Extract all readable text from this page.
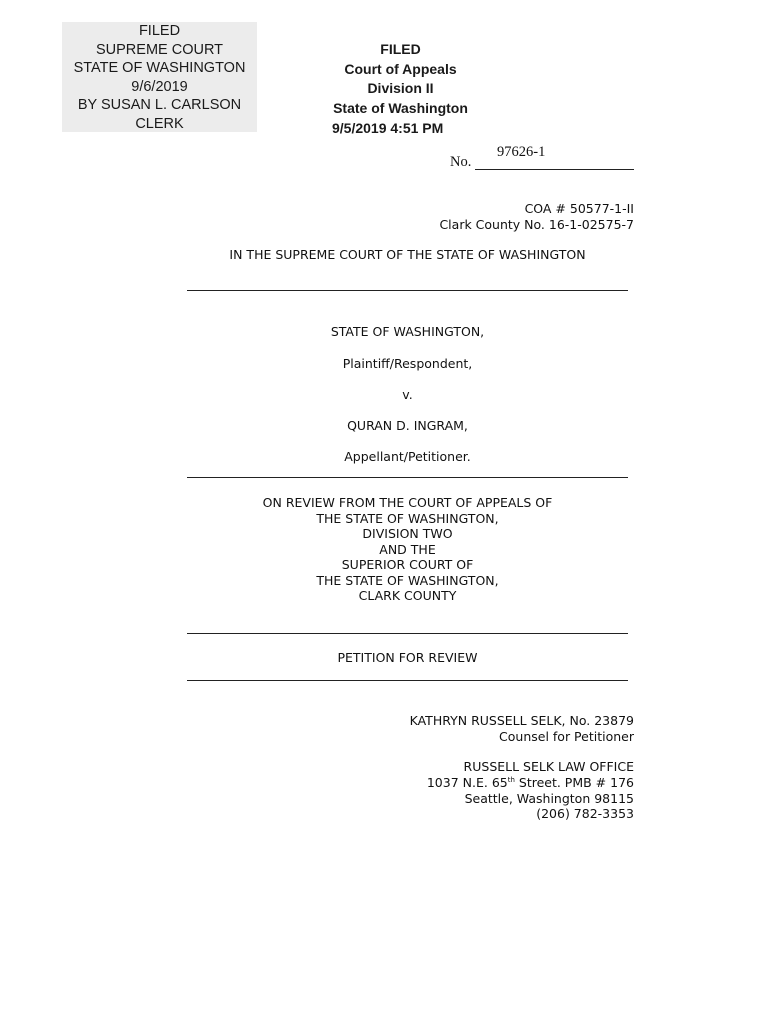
FILED
SUPREME COURT
STATE OF WASHINGTON
9/6/2019
BY SUSAN L. CARLSON
CLERK
FILED
Court of Appeals
Division II
State of Washington
9/5/2019 4:51 PM
No.
97626-1
COA # 50577-1-II
Clark County No. 16-1-02575-7
IN THE SUPREME COURT OF THE STATE OF WASHINGTON
STATE OF WASHINGTON,
Plaintiff/Respondent,
v.
QURAN D. INGRAM,
Appellant/Petitioner.
ON REVIEW FROM THE COURT OF APPEALS OF
THE STATE OF WASHINGTON,
DIVISION TWO
AND THE
SUPERIOR COURT OF
THE STATE OF WASHINGTON,
CLARK COUNTY
PETITION FOR REVIEW
KATHRYN RUSSELL SELK, No. 23879
Counsel for Petitioner
RUSSELL SELK LAW OFFICE
1037 N.E. 65th Street. PMB # 176
Seattle, Washington 98115
(206) 782-3353
